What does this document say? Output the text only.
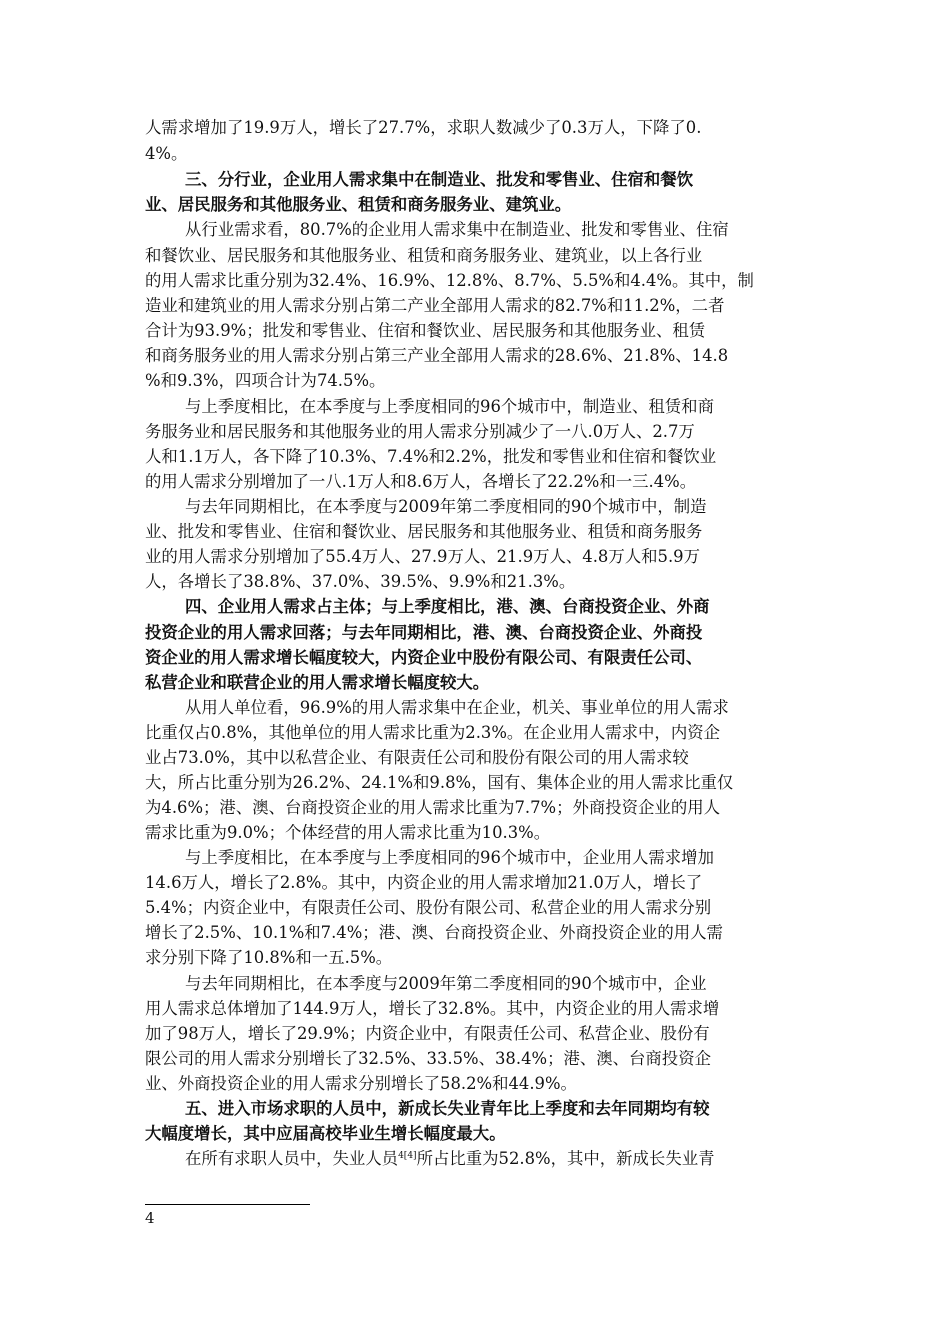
人需求增加了19.9万人，增长了27.7%，求职人数减少了0.3万人，下降了0.
4%。
三、分行业，企业用人需求集中在制造业、批发和零售业、住宿和餐饮
业、居民服务和其他服务业、租赁和商务服务业、建筑业。
从行业需求看，80.7%的企业用人需求集中在制造业、批发和零售业、住宿
和餐饮业、居民服务和其他服务业、租赁和商务服务业、建筑业，以上各行业
的用人需求比重分别为32.4%、16.9%、12.8%、8.7%、5.5%和4.4%。其中，制
造业和建筑业的用人需求分别占第二产业全部用人需求的82.7%和11.2%，二者
合计为93.9%；批发和零售业、住宿和餐饮业、居民服务和其他服务业、租赁
和商务服务业的用人需求分别占第三产业全部用人需求的28.6%、21.8%、14.8
%和9.3%，四项合计为74.5%。
与上季度相比，在本季度与上季度相同的96个城市中，制造业、租赁和商
务服务业和居民服务和其他服务业的用人需求分别减少了一八.0万人、2.7万
人和1.1万人，各下降了10.3%、7.4%和2.2%，批发和零售业和住宿和餐饮业
的用人需求分别增加了一八.1万人和8.6万人，各增长了22.2%和一三.4%。
与去年同期相比，在本季度与2009年第二季度相同的90个城市中，制造
业、批发和零售业、住宿和餐饮业、居民服务和其他服务业、租赁和商务服务
业的用人需求分别增加了55.4万人、27.9万人、21.9万人、4.8万人和5.9万
人，各增长了38.8%、37.0%、39.5%、9.9%和21.3%。
四、企业用人需求占主体；与上季度相比，港、澳、台商投资企业、外商
投资企业的用人需求回落；与去年同期相比，港、澳、台商投资企业、外商投
资企业的用人需求增长幅度较大，内资企业中股份有限公司、有限责任公司、
私营企业和联营企业的用人需求增长幅度较大。
从用人单位看，96.9%的用人需求集中在企业，机关、事业单位的用人需求
比重仅占0.8%，其他单位的用人需求比重为2.3%。在企业用人需求中，内资企
业占73.0%，其中以私营企业、有限责任公司和股份有限公司的用人需求较
大，所占比重分别为26.2%、24.1%和9.8%，国有、集体企业的用人需求比重仅
为4.6%；港、澳、台商投资企业的用人需求比重为7.7%；外商投资企业的用人
需求比重为9.0%；个体经营的用人需求比重为10.3%。
与上季度相比，在本季度与上季度相同的96个城市中，企业用人需求增加
14.6万人，增长了2.8%。其中，内资企业的用人需求增加21.0万人，增长了
5.4%；内资企业中，有限责任公司、股份有限公司、私营企业的用人需求分别
增长了2.5%、10.1%和7.4%；港、澳、台商投资企业、外商投资企业的用人需
求分别下降了10.8%和一五.5%。
与去年同期相比，在本季度与2009年第二季度相同的90个城市中，企业
用人需求总体增加了144.9万人，增长了32.8%。其中，内资企业的用人需求增
加了98万人，增长了29.9%；内资企业中，有限责任公司、私营企业、股份有
限公司的用人需求分别增长了32.5%、33.5%、38.4%；港、澳、台商投资企
业、外商投资企业的用人需求分别增长了58.2%和44.9%。
五、进入市场求职的人员中，新成长失业青年比上季度和去年同期均有较
大幅度增长，其中应届高校毕业生增长幅度最大。
在所有求职人员中，失业人员$^{4[4]}$所占比重为52.8%，其中，新成长失业青
4
